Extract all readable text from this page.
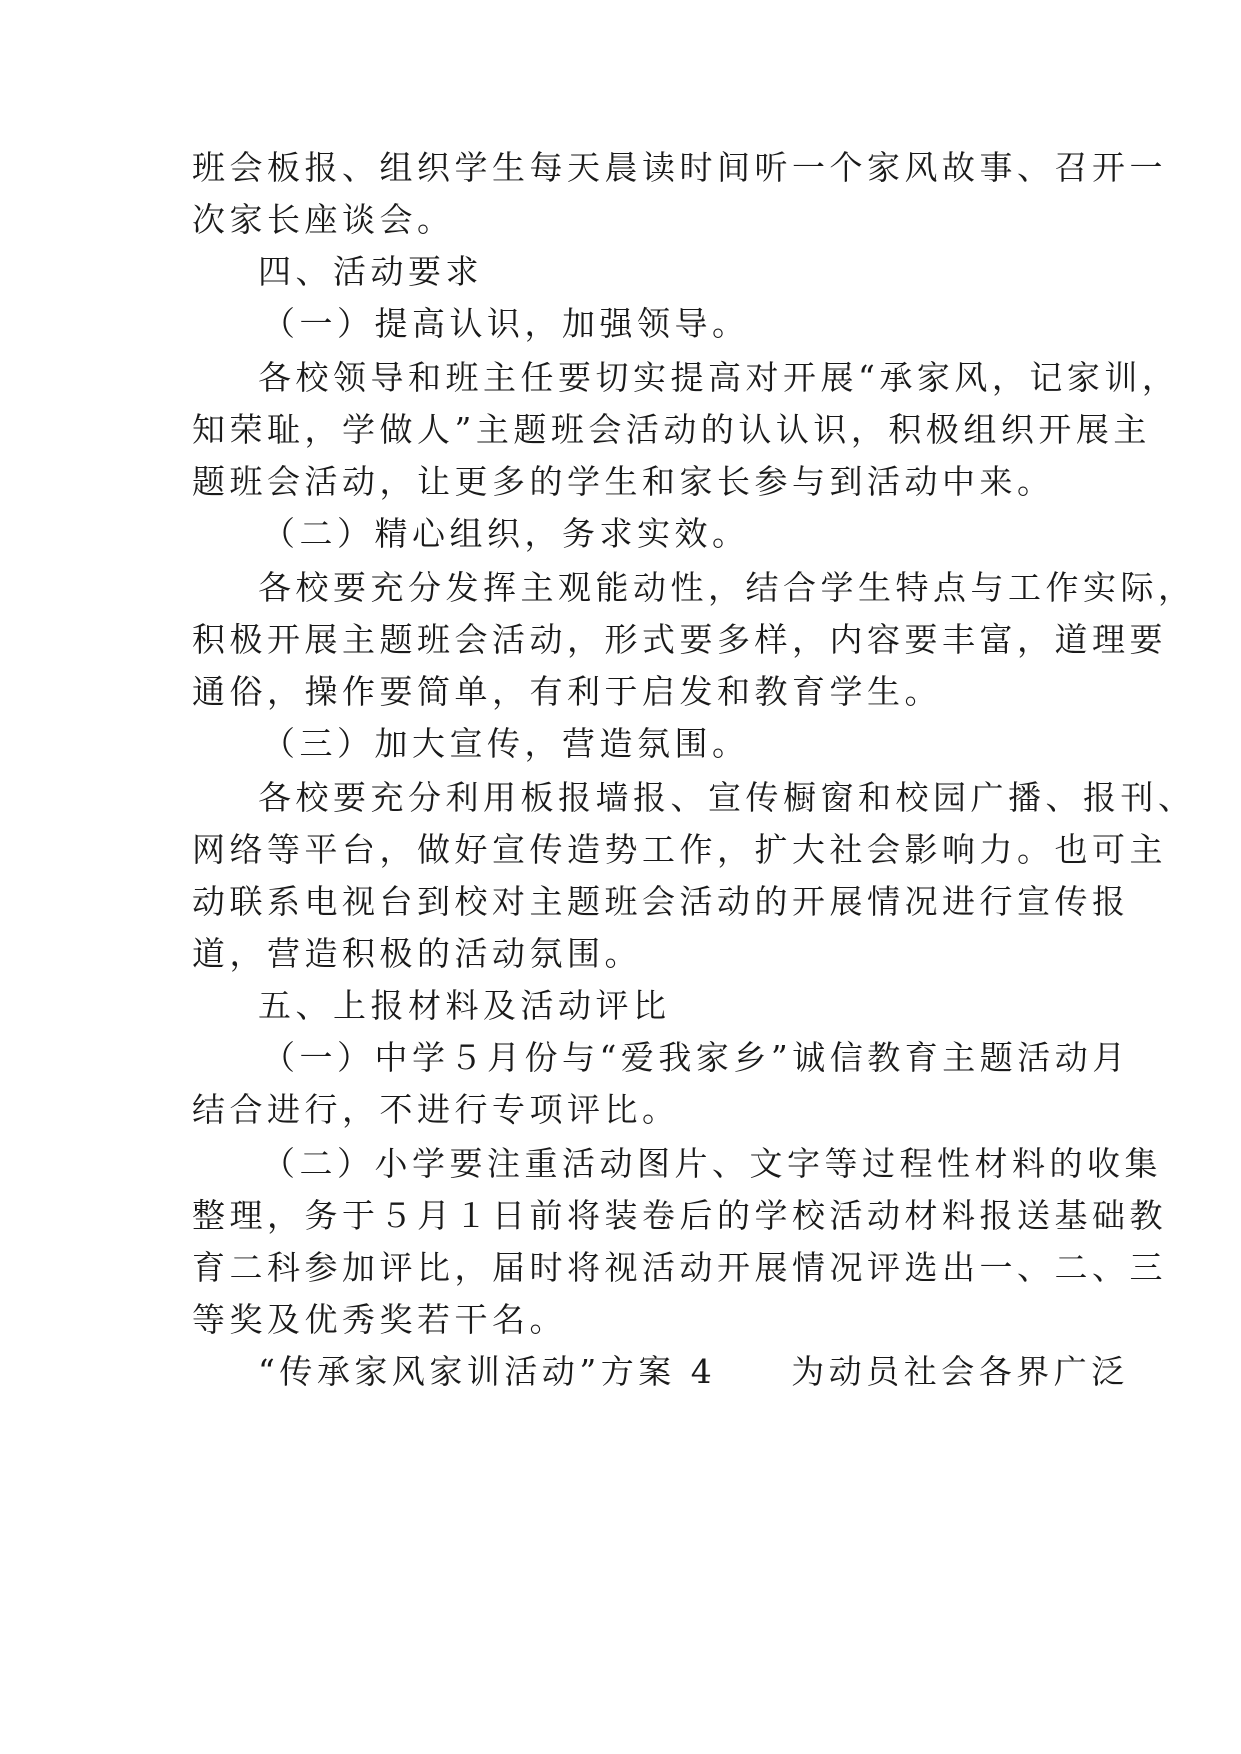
班会板报、组织学生每天晨读时间听一个家风故事、召开一
次家长座谈会。
四、活动要求
（一）提高认识，加强领导。
各校领导和班主任要切实提高对开展“承家风，记家训，
知荣耻，学做人”主题班会活动的认认识，积极组织开展主
题班会活动，让更多的学生和家长参与到活动中来。
（二）精心组织，务求实效。
各校要充分发挥主观能动性，结合学生特点与工作实际，
积极开展主题班会活动，形式要多样，内容要丰富，道理要
通俗，操作要简单，有利于启发和教育学生。
（三）加大宣传，营造氛围。
各校要充分利用板报墙报、宣传橱窗和校园广播、报刊、
网络等平台，做好宣传造势工作，扩大社会影响力。也可主
动联系电视台到校对主题班会活动的开展情况进行宣传报
道，营造积极的活动氛围。
五、上报材料及活动评比
（一）中学５月份与“爱我家乡”诚信教育主题活动月
结合进行，不进行专项评比。
（二）小学要注重活动图片、文字等过程性材料的收集
整理，务于５月１日前将装卷后的学校活动材料报送基础教
育二科参加评比，届时将视活动开展情况评选出一、二、三
等奖及优秀奖若干名。
“传承家风家训活动”方案 4　　为动员社会各界广泛
